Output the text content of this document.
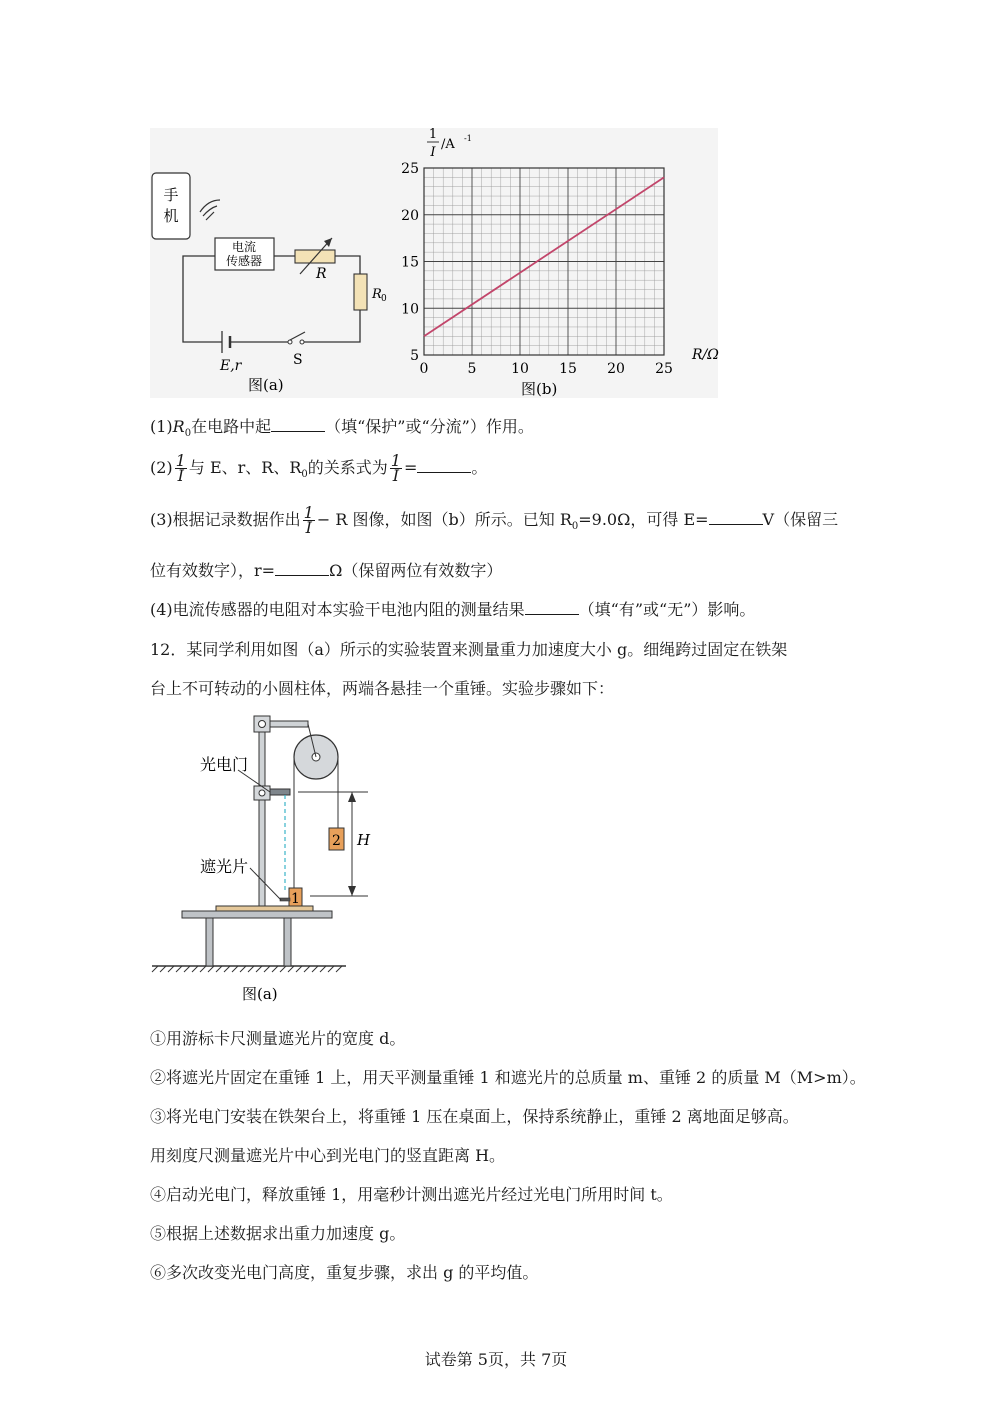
手
机
电流
传感器
R
R 0
E,r	S
图(a)
0	5 10 15 20 25
5
10
15
20
25
1
I
/A -1
R/Ω
图(b)
$(1)R_0$在电路中起	（填“保护”或“分流”）作用。
$(2) \frac{1}{I}$ 与 E、r、R、$R_0$的关系式为 $\frac{1}{I}$ =	。
(3)根据记录数据作出 $\frac{1}{I} - R$ 图像，如图（b）所示。已知 $R_0=9.0\Omega$，可得 E=	V（保留三
位有效数字），r=	Ω（保留两位有效数字）
(4)电流传感器的电阻对本实验干电池内阻的测量结果	（填“有”或“无”）影响。
12．某同学利用如图（a）所示的实验装置来测量重力加速度大小 g。细绳跨过固定在铁架
台上不可转动的小圆柱体，两端各悬挂一个重锤。实验步骤如下：
2
1
H
光电门
遮光片
图(a)
①用游标卡尺测量遮光片的宽度 d。
②将遮光片固定在重锤 1 上，用天平测量重锤 1 和遮光片的总质量 m、重锤 2 的质量 M（M>m）。
③将光电门安装在铁架台上，将重锤 1 压在桌面上，保持系统静止，重锤 2 离地面足够高。
用刻度尺测量遮光片中心到光电门的竖直距离 H。
④启动光电门，释放重锤 1，用毫秒计测出遮光片经过光电门所用时间 t。
⑤根据上述数据求出重力加速度 g。
⑥多次改变光电门高度，重复步骤，求出 g 的平均值。
试卷第 5页，共 7页
